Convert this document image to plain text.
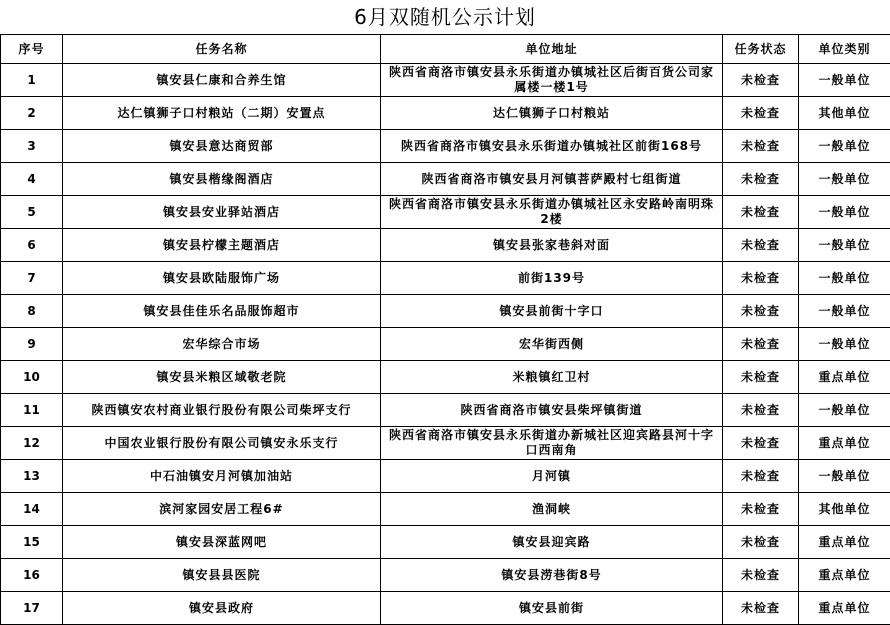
6月双随机公示计划
序号	任务名称	单位地址	任务状态	单位类别
1	镇安县仁康和合养生馆	陕西省商洛市镇安县永乐街道办镇城社区后街百货公司家属楼一楼1号	未检查	一般单位
2	达仁镇狮子口村粮站（二期）安置点	达仁镇狮子口村粮站	未检查	其他单位
3	镇安县意达商贸部	陕西省商洛市镇安县永乐街道办镇城社区前街168号	未检查	一般单位
4	镇安县楷缘阁酒店	陕西省商洛市镇安县月河镇菩萨殿村七组街道	未检查	一般单位
5	镇安县安业驿站酒店	陕西省商洛市镇安县永乐街道办镇城社区永安路岭南明珠2楼	未检查	一般单位
6	镇安县柠檬主题酒店	镇安县张家巷斜对面	未检查	一般单位
7	镇安县欧陆服饰广场	前街139号	未检查	一般单位
8	镇安县佳佳乐名品服饰超市	镇安县前街十字口	未检查	一般单位
9	宏华综合市场	宏华街西侧	未检查	一般单位
10	镇安县米粮区域敬老院	米粮镇红卫村	未检查	重点单位
11	陕西镇安农村商业银行股份有限公司柴坪支行	陕西省商洛市镇安县柴坪镇街道	未检查	一般单位
12	中国农业银行股份有限公司镇安永乐支行	陕西省商洛市镇安县永乐街道办新城社区迎宾路县河十字口西南角	未检查	重点单位
13	中石油镇安月河镇加油站	月河镇	未检查	一般单位
14	滨河家园安居工程6#	渔洞峡	未检查	其他单位
15	镇安县深蓝网吧	镇安县迎宾路	未检查	重点单位
16	镇安县县医院	镇安县涝巷街8号	未检查	重点单位
17	镇安县政府	镇安县前街	未检查	重点单位
